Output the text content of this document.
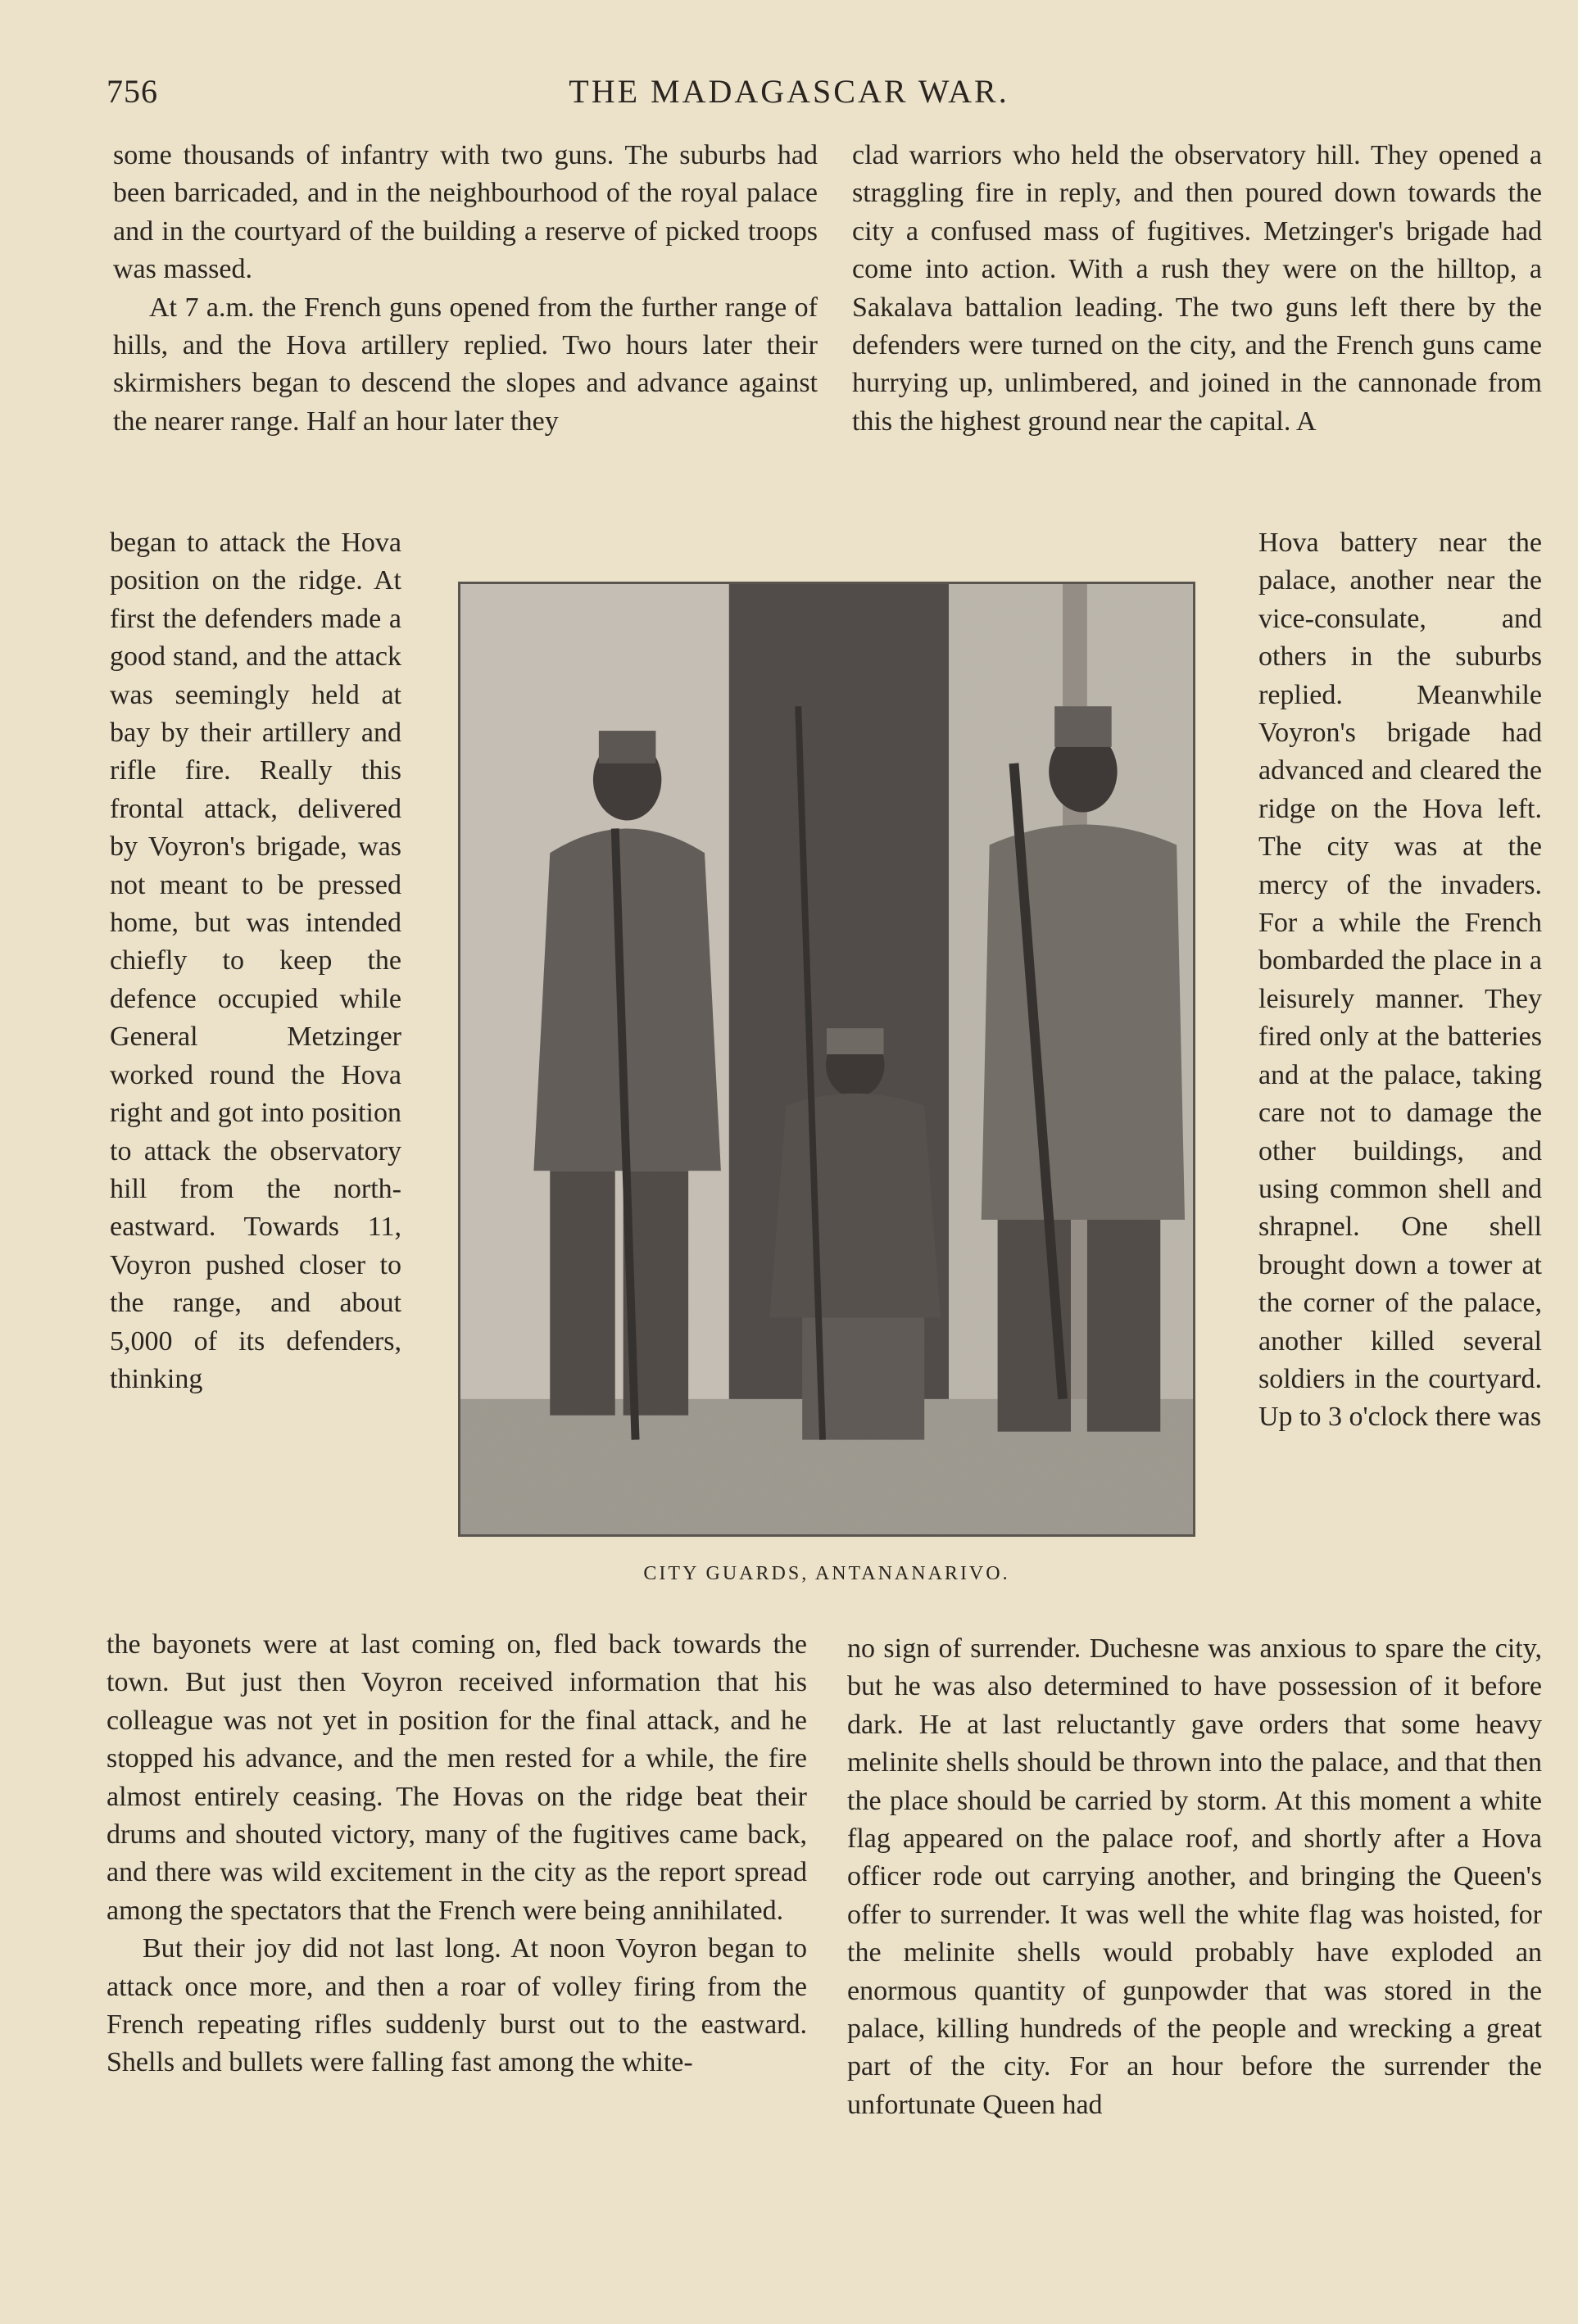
756	THE MADAGASCAR WAR.

some thousands of infantry with two guns. The suburbs had been barricaded, and in the neighbourhood of the royal palace and in the courtyard of the building a reserve of picked troops was massed.

At 7 a.m. the French guns opened from the further range of hills, and the Hova artillery replied. Two hours later their skirmishers began to descend the slopes and advance against the nearer range. Half an hour later they

began to attack the Hova position on the ridge. At first the defenders made a good stand, and the attack was seemingly held at bay by their artillery and rifle fire. Really this frontal attack, delivered by Voyron's brigade, was not meant to be pressed home, but was intended chiefly to keep the defence occupied while General Metzinger worked round the Hova right and got into position to attack the observatory hill from the north-eastward. Towards 11, Voyron pushed closer to the range, and about 5,000 of its defenders, thinking

the bayonets were at last coming on, fled back towards the town. But just then Voyron received information that his colleague was not yet in position for the final attack, and he stopped his advance, and the men rested for a while, the fire almost entirely ceasing. The Hovas on the ridge beat their drums and shouted victory, many of the fugitives came back, and there was wild excitement in the city as the report spread among the spectators that the French were being annihilated.

But their joy did not last long. At noon Voyron began to attack once more, and then a roar of volley firing from the French repeating rifles suddenly burst out to the eastward. Shells and bullets were falling fast among the white-

clad warriors who held the observatory hill. They opened a straggling fire in reply, and then poured down towards the city a confused mass of fugitives. Metzinger's brigade had come into action. With a rush they were on the hilltop, a Sakalava battalion leading. The two guns left there by the defenders were turned on the city, and the French guns came hurrying up, unlimbered, and joined in the cannonade from this the highest ground near the capital. A

Hova battery near the palace, another near the vice-consulate, and others in the suburbs replied. Meanwhile Voyron's brigade had advanced and cleared the ridge on the Hova left. The city was at the mercy of the invaders. For a while the French bombarded the place in a leisurely manner. They fired only at the batteries and at the palace, taking care not to damage the other buildings, and using common shell and shrapnel. One shell brought down a tower at the corner of the palace, another killed several soldiers in the courtyard. Up to 3 o'clock there was

no sign of surrender. Duchesne was anxious to spare the city, but he was also determined to have possession of it before dark. He at last reluctantly gave orders that some heavy melinite shells should be thrown into the palace, and that then the place should be carried by storm. At this moment a white flag appeared on the palace roof, and shortly after a Hova officer rode out carrying another, and bringing the Queen's offer to surrender. It was well the white flag was hoisted, for the melinite shells would probably have exploded an enormous quantity of gunpowder that was stored in the palace, killing hundreds of the people and wrecking a great part of the city. For an hour before the surrender the unfortunate Queen had

CITY GUARDS, ANTANANARIVO.
